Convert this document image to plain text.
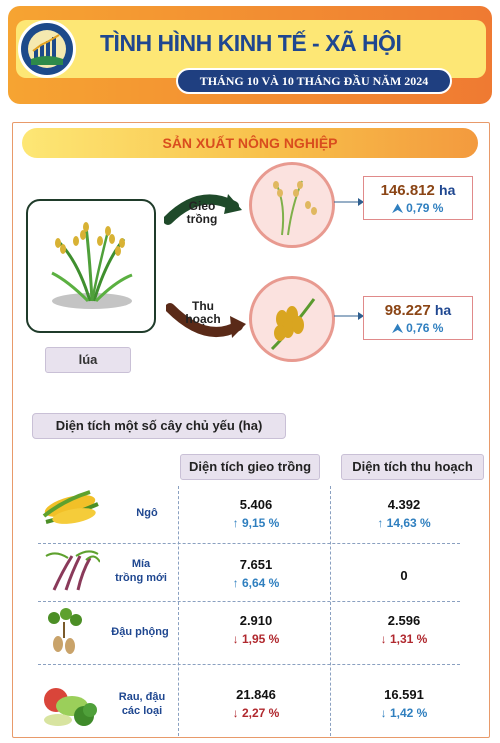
TÌNH HÌNH KINH TẾ - XÃ HỘI
THÁNG 10 VÀ 10 THÁNG ĐẦU NĂM 2024
SẢN XUẤT NÔNG NGHIỆP
lúa
Gieo
trồng
Thu
hoạch
146.812 ha
⮝ 0,79 %
98.227 ha
⮝ 0,76 %
Diện tích một số cây chủ yếu (ha)
Diện tích gieo trồng	Diện tích thu hoạch
Ngô
5.406
↑ 9,15 %
4.392
↑ 14,63 %
Mía
trồng mới
7.651
↑ 6,64 %	0
Đậu phộng
2.910
↓ 1,95 %
2.596
↓ 1,31 %
Rau, đậu
các loại
21.846
↓ 2,27 %
16.591
↓ 1,42 %
